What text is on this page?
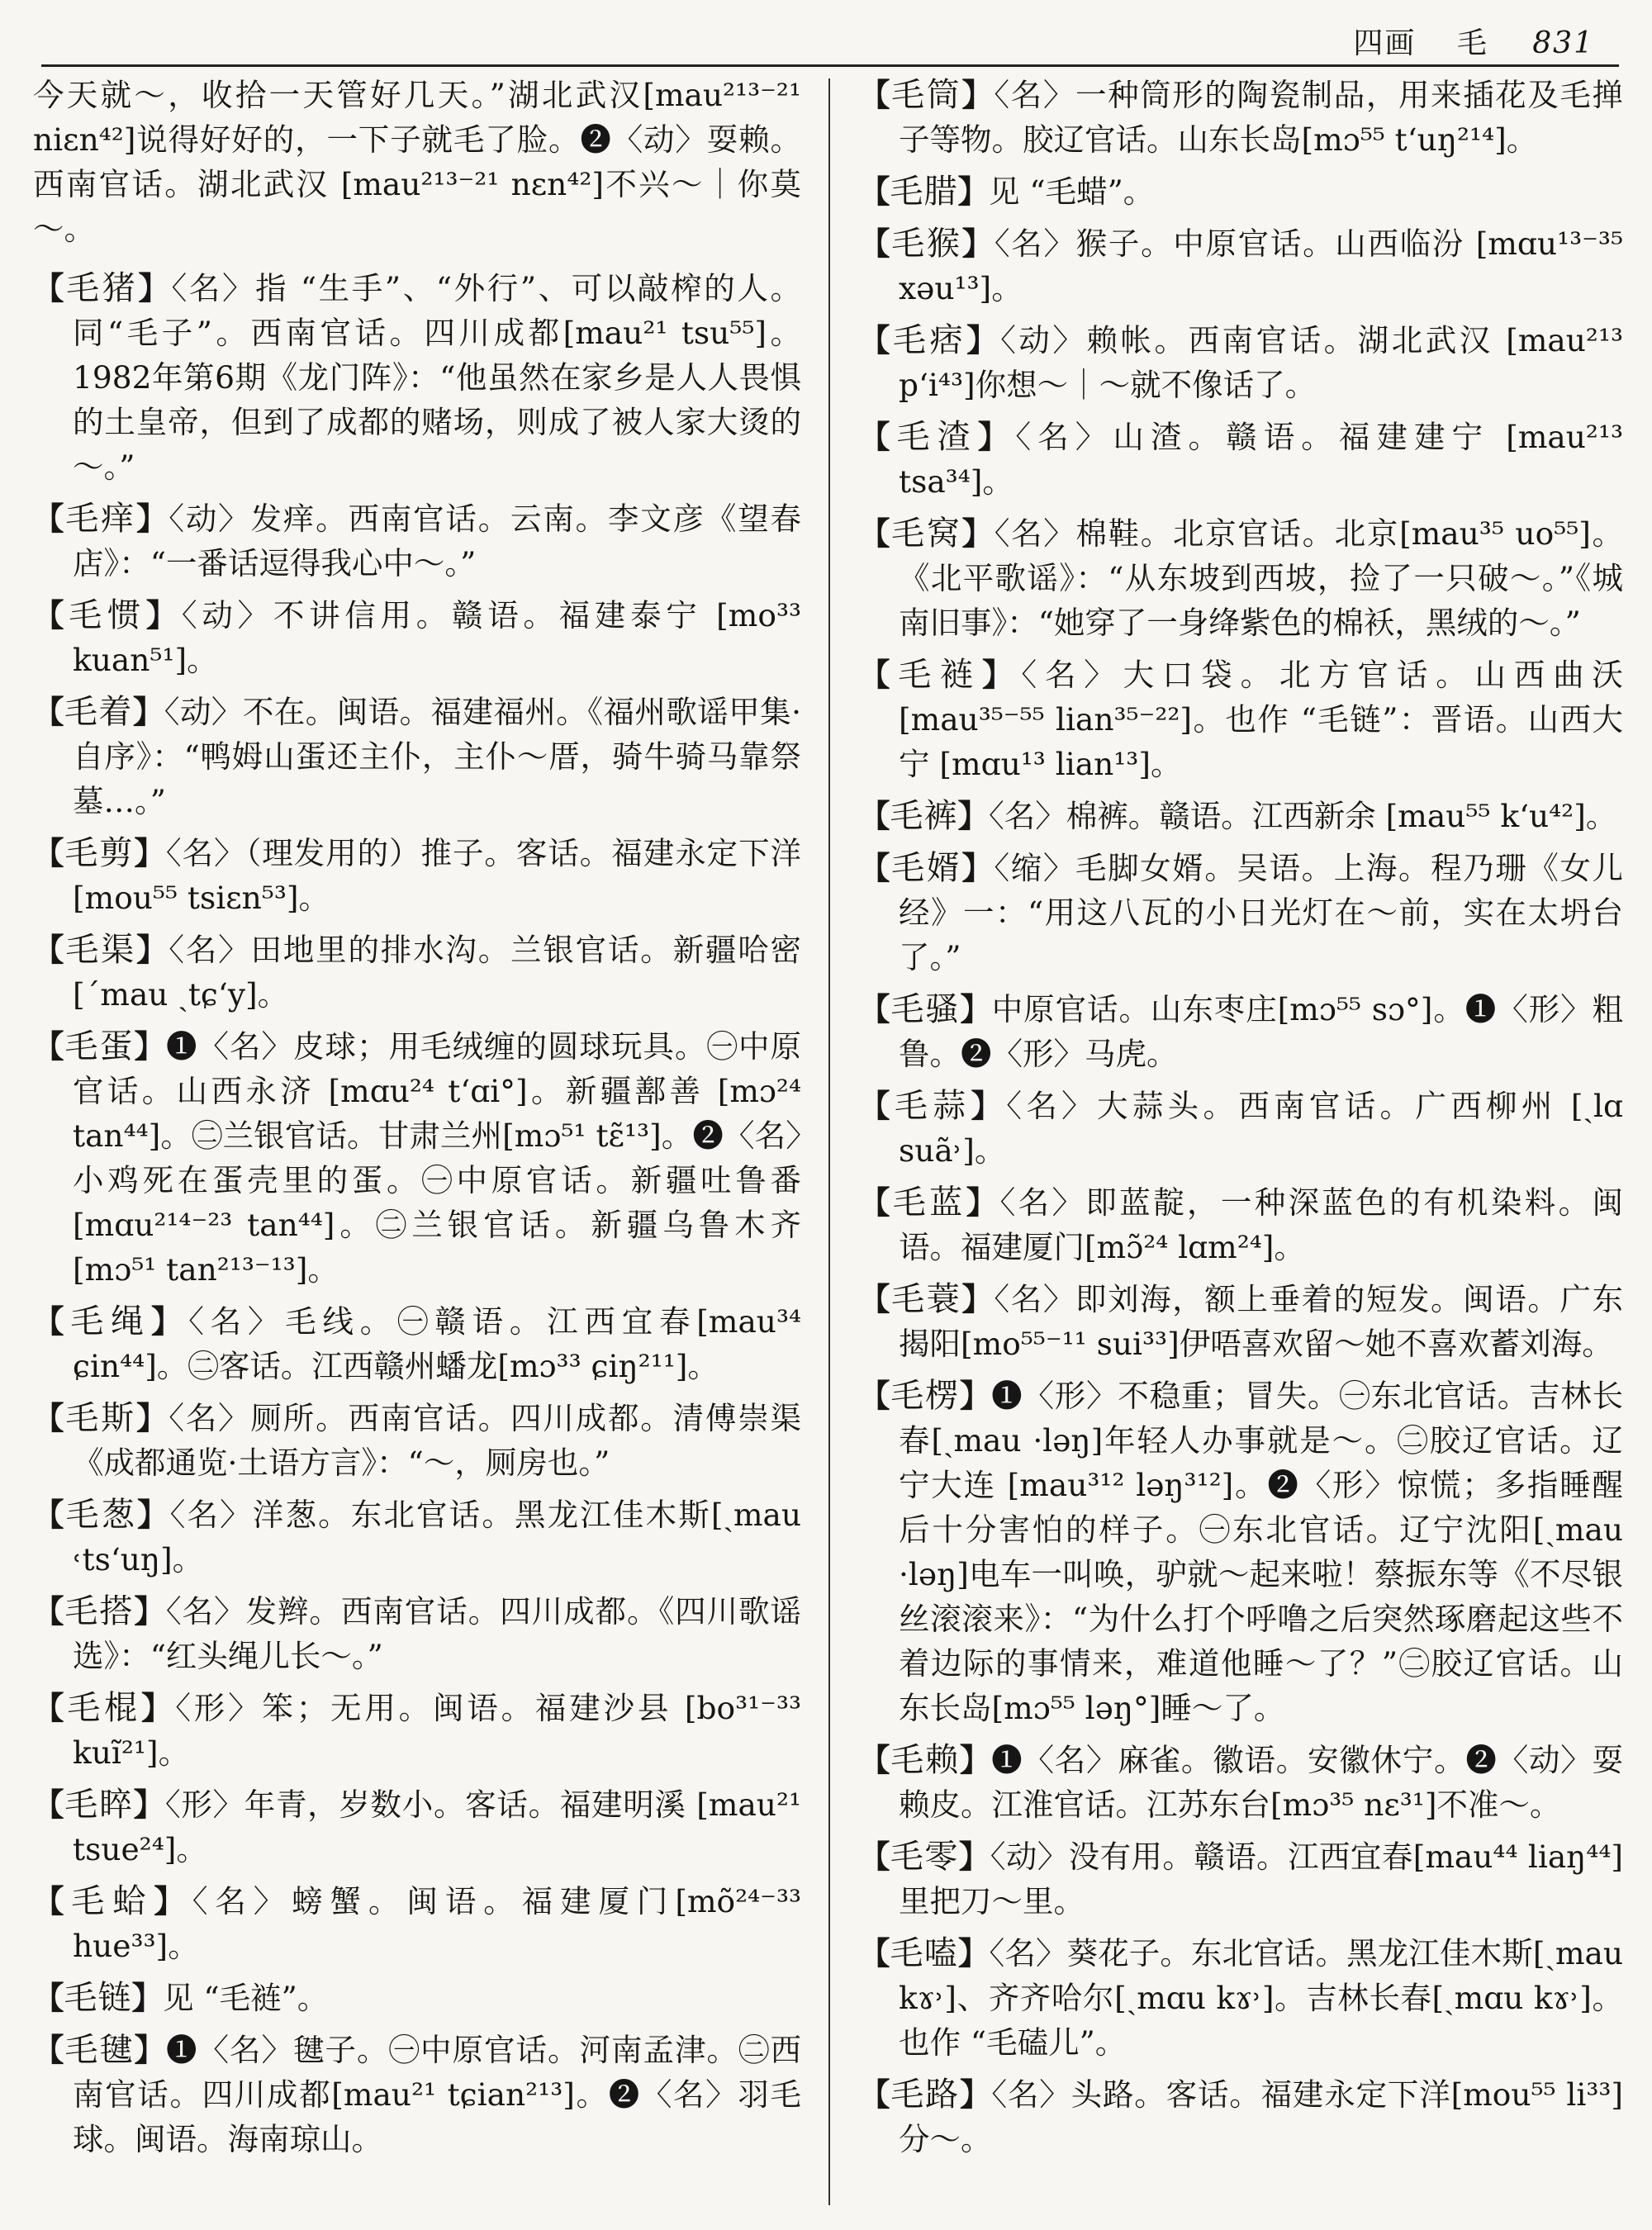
四画 毛 831

今天就～，收拾一天管好几天。”湖北武汉[mau²¹³⁻²¹ niεn⁴²]说得好好的，一下子就毛了脸。❷〈动〉耍赖。西南官话。湖北武汉 [mau²¹³⁻²¹ nεn⁴²]不兴～｜你莫～。

【毛猪】〈名〉指 “生手”、“外行”、可以敲榨的人。同“毛子”。西南官话。四川成都[mau²¹ tsu⁵⁵]。1982年第6期《龙门阵》：“他虽然在家乡是人人畏惧的土皇帝，但到了成都的赌场，则成了被人家大烫的～。”

【毛痒】〈动〉发痒。西南官话。云南。李文彦《望春店》：“一番话逗得我心中～。”

【毛惯】〈动〉不讲信用。赣语。福建泰宁 [mo³³ kuan⁵¹]。

【毛着】〈动〉不在。闽语。福建福州。《福州歌谣甲集·自序》：“鸭姆山蛋还主仆，主仆～厝，骑牛骑马靠祭墓…。”

【毛剪】〈名〉（理发用的）推子。客话。福建永定下洋 [mou⁵⁵ tsiεn⁵³]。

【毛渠】〈名〉田地里的排水沟。兰银官话。新疆哈密 [ˊmau ˏtɕʻy]。

【毛蛋】❶〈名〉皮球；用毛绒缠的圆球玩具。㊀中原官话。山西永济 [mɑu²⁴ tʻɑi°]。新疆鄯善 [mɔ²⁴ tan⁴⁴]。㊁兰银官话。甘肃兰州[mɔ⁵¹ tε̃¹³]。❷〈名〉小鸡死在蛋壳里的蛋。㊀中原官话。新疆吐鲁番 [mɑu²¹⁴⁻²³ tan⁴⁴]。㊁兰银官话。新疆乌鲁木齐 [mɔ⁵¹ tan²¹³⁻¹³]。

【毛绳】〈名〉毛线。㊀赣语。江西宜春[mau³⁴ ɕin⁴⁴]。㊁客话。江西赣州蟠龙[mɔ³³ ɕiŋ²¹¹]。

【毛斯】〈名〉厕所。西南官话。四川成都。清傅崇渠《成都通览·土语方言》：“～，厕房也。”

【毛葱】〈名〉洋葱。东北官话。黑龙江佳木斯[ˏmau ˓tsʻuŋ]。

【毛搭】〈名〉发辫。西南官话。四川成都。《四川歌谣选》：“红头绳儿长～。”

【毛棍】〈形〉笨；无用。闽语。福建沙县 [bo³¹⁻³³ kuĩ²¹]。

【毛睟】〈形〉年青，岁数小。客话。福建明溪 [mau²¹ tsue²⁴]。

【毛蛤】〈名〉螃蟹。闽语。福建厦门[mõ²⁴⁻³³ hue³³]。

【毛链】见 “毛裢”。

【毛毽】❶〈名〉毽子。㊀中原官话。河南孟津。㊁西南官话。四川成都[mau²¹ tɕian²¹³]。❷〈名〉羽毛球。闽语。海南琼山。

【毛筒】〈名〉一种筒形的陶瓷制品，用来插花及毛掸子等物。胶辽官话。山东长岛[mɔ⁵⁵ tʻuŋ²¹⁴]。

【毛腊】见 “毛蜡”。

【毛猴】〈名〉猴子。中原官话。山西临汾 [mɑu¹³⁻³⁵ xəu¹³]。

【毛痞】〈动〉赖帐。西南官话。湖北武汉 [mau²¹³ pʻi⁴³]你想～｜～就不像话了。

【毛渣】〈名〉山渣。赣语。福建建宁 [mau²¹³ tsa³⁴]。

【毛窝】〈名〉棉鞋。北京官话。北京[mau³⁵ uo⁵⁵]。《北平歌谣》：“从东坡到西坡，捡了一只破～。”《城南旧事》：“她穿了一身绛紫色的棉袄，黑绒的～。”

【毛裢】〈名〉大口袋。北方官话。山西曲沃 [mau³⁵⁻⁵⁵ lian³⁵⁻²²]。也作 “毛链”：晋语。山西大宁 [mɑu¹³ lian¹³]。

【毛裤】〈名〉棉裤。赣语。江西新余 [mau⁵⁵ kʻu⁴²]。

【毛婿】〈缩〉毛脚女婿。吴语。上海。程乃珊《女儿经》一：“用这八瓦的小日光灯在～前，实在太坍台了。”

【毛骚】中原官话。山东枣庄[mɔ⁵⁵ sɔ°]。❶〈形〉粗鲁。❷〈形〉马虎。

【毛蒜】〈名〉大蒜头。西南官话。广西柳州 [ˏlɑ suã˒]。

【毛蓝】〈名〉即蓝靛，一种深蓝色的有机染料。闽语。福建厦门[mɔ̃²⁴ lɑm²⁴]。

【毛蓑】〈名〉即刘海，额上垂着的短发。闽语。广东揭阳[mo⁵⁵⁻¹¹ sui³³]伊唔喜欢留～她不喜欢蓄刘海。

【毛楞】❶〈形〉不稳重；冒失。㊀东北官话。吉林长春[ˏmau ·ləŋ]年轻人办事就是～。㊁胶辽官话。辽宁大连 [mau³¹² ləŋ³¹²]。❷〈形〉惊慌；多指睡醒后十分害怕的样子。㊀东北官话。辽宁沈阳[ˏmau ·ləŋ]电车一叫唤，驴就～起来啦！蔡振东等《不尽银丝滚滚来》：“为什么打个呼噜之后突然琢磨起这些不着边际的事情来，难道他睡～了？”㊁胶辽官话。山东长岛[mɔ⁵⁵ ləŋ°]睡～了。

【毛赖】❶〈名〉麻雀。徽语。安徽休宁。❷〈动〉耍赖皮。江淮官话。江苏东台[mɔ³⁵ nε³¹]不准～。

【毛零】〈动〉没有用。赣语。江西宜春[mau⁴⁴ liaŋ⁴⁴]里把刀～里。

【毛嗑】〈名〉葵花子。东北官话。黑龙江佳木斯[ˏmau kɤ˒]、齐齐哈尔[ˏmɑu kɤ˒]。吉林长春[ˏmɑu kɤ˒]。也作 “毛磕儿”。

【毛路】〈名〉头路。客话。福建永定下洋[mou⁵⁵ li³³]分～。
